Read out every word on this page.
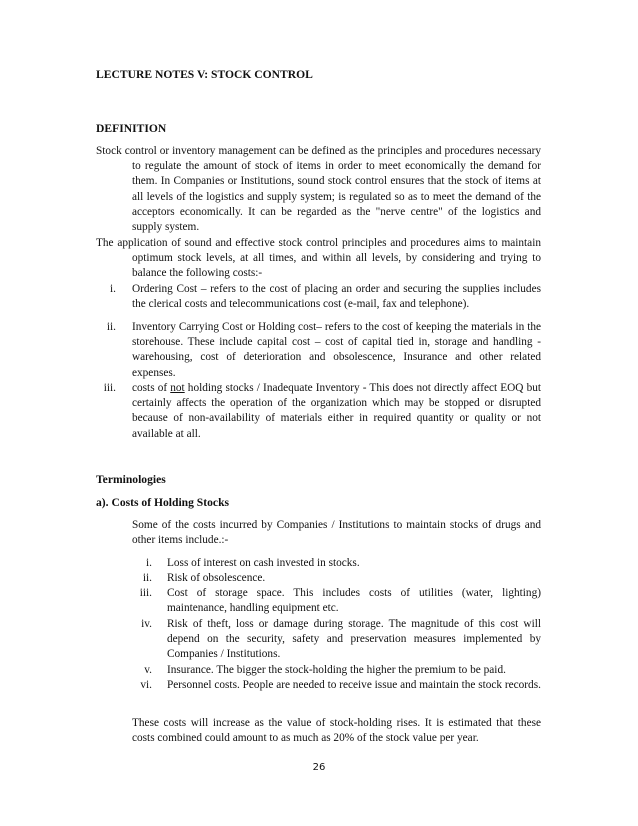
LECTURE NOTES V: STOCK CONTROL

DEFINITION

Stock control or inventory management can be defined as the principles and procedures necessary to regulate the amount of stock of items in order to meet economically the demand for them. In Companies or Institutions, sound stock control ensures that the stock of items at all levels of the logistics and supply system; is regulated so as to meet the demand of the acceptors economically. It can be regarded as the "nerve centre" of the logistics and supply system.

The application of sound and effective stock control principles and procedures aims to maintain optimum stock levels, at all times, and within all levels, by considering and trying to balance the following costs:-

i. Ordering Cost – refers to the cost of placing an order and securing the supplies includes the clerical costs and telecommunications cost (e-mail, fax and telephone).

ii. Inventory Carrying Cost or Holding cost– refers to the cost of keeping the materials in the storehouse. These include capital cost – cost of capital tied in, storage and handling - warehousing, cost of deterioration and obsolescence, Insurance and other related expenses.

iii. costs of not holding stocks / Inadequate Inventory - This does not directly affect EOQ but certainly affects the operation of the organization which may be stopped or disrupted because of non-availability of materials either in required quantity or quality or not available at all.

Terminologies

a). Costs of Holding Stocks

Some of the costs incurred by Companies / Institutions to maintain stocks of drugs and other items include.:-

i. Loss of interest on cash invested in stocks.

ii. Risk of obsolescence.

iii. Cost of storage space. This includes costs of utilities (water, lighting) maintenance, handling equipment etc.

iv. Risk of theft, loss or damage during storage. The magnitude of this cost will depend on the security, safety and preservation measures implemented by Companies / Institutions.

v. Insurance. The bigger the stock-holding the higher the premium to be paid.

vi. Personnel costs. People are needed to receive issue and maintain the stock records.

These costs will increase as the value of stock-holding rises. It is estimated that these costs combined could amount to as much as 20% of the stock value per year.

26
